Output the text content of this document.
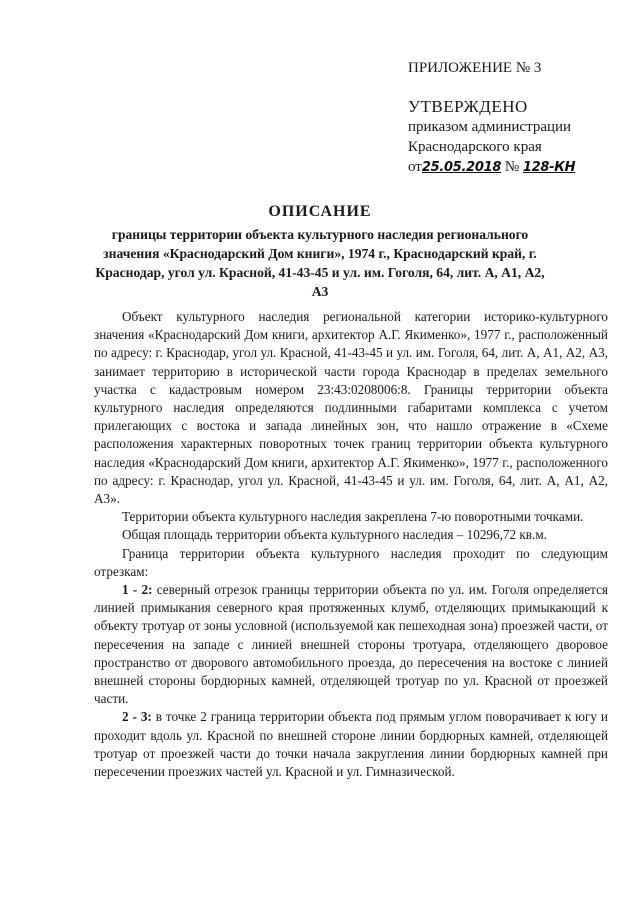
ПРИЛОЖЕНИЕ № 3
УТВЕРЖДЕНО
приказом администрации
Краснодарского края
от25.05.2018 № 128-КН
ОПИСАНИЕ
границы территории объекта культурного наследия регионального значения «Краснодарский Дом книги», 1974 г., Краснодарский край, г. Краснодар, угол ул. Красной, 41-43-45 и ул. им. Гоголя, 64, лит. А, А1, А2, А3

Объект культурного наследия региональной категории историко-культурного значения «Краснодарский Дом книги, архитектор А.Г. Якименко», 1977 г., расположенный по адресу: г. Краснодар, угол ул. Красной, 41-43-45 и ул. им. Гоголя, 64, лит. А, А1, А2, А3, занимает территорию в исторической части города Краснодар в пределах земельного участка с кадастровым номером 23:43:0208006:8. Границы территории объекта культурного наследия определяются подлинными габаритами комплекса с учетом прилегающих с востока и запада линейных зон, что нашло отражение в «Схеме расположения характерных поворотных точек границ территории объекта культурного наследия «Краснодарский Дом книги, архитектор А.Г. Якименко», 1977 г., расположенного по адресу: г. Краснодар, угол ул. Красной, 41-43-45 и ул. им. Гоголя, 64, лит. А, А1, А2, А3».

Территории объекта культурного наследия закреплена 7-ю поворотными точками.

Общая площадь территории объекта культурного наследия – 10296,72 кв.м.

Граница территории объекта культурного наследия проходит по следующим отрезкам:

1 - 2: северный отрезок границы территории объекта по ул. им. Гоголя определяется линией примыкания северного края протяженных клумб, отделяющих примыкающий к объекту тротуар от зоны условной (используемой как пешеходная зона) проезжей части, от пересечения на западе с линией внешней стороны тротуара, отделяющего дворовое пространство от дворового автомобильного проезда, до пересечения на востоке с линией внешней стороны бордюрных камней, отделяющей тротуар по ул. Красной от проезжей части.

2 - 3: в точке 2 граница территории объекта под прямым углом поворачивает к югу и проходит вдоль ул. Красной по внешней стороне линии бордюрных камней, отделяющей тротуар от проезжей части до точки начала закругления линии бордюрных камней при пересечении проезжих частей ул. Красной и ул. Гимназической.
